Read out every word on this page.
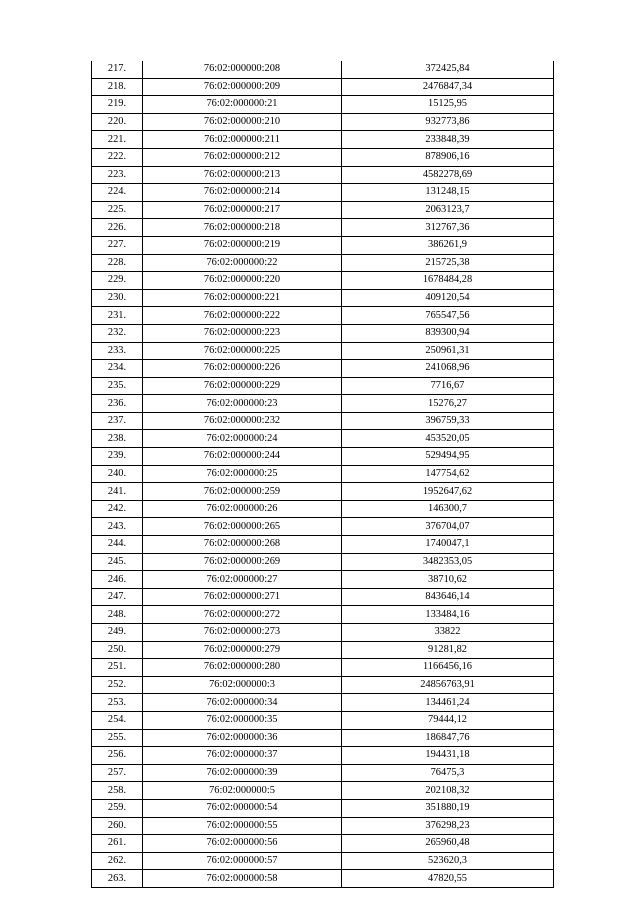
217.	76:02:000000:208	372425,84
218.	76:02:000000:209	2476847,34
219.	76:02:000000:21	15125,95
220.	76:02:000000:210	932773,86
221.	76:02:000000:211	233848,39
222.	76:02:000000:212	878906,16
223.	76:02:000000:213	4582278,69
224.	76:02:000000:214	131248,15
225.	76:02:000000:217	2063123,7
226.	76:02:000000:218	312767,36
227.	76:02:000000:219	386261,9
228.	76:02:000000:22	215725,38
229.	76:02:000000:220	1678484,28
230.	76:02:000000:221	409120,54
231.	76:02:000000:222	765547,56
232.	76:02:000000:223	839300,94
233.	76:02:000000:225	250961,31
234.	76:02:000000:226	241068,96
235.	76:02:000000:229	7716,67
236.	76:02:000000:23	15276,27
237.	76:02:000000:232	396759,33
238.	76:02:000000:24	453520,05
239.	76:02:000000:244	529494,95
240.	76:02:000000:25	147754,62
241.	76:02:000000:259	1952647,62
242.	76:02:000000:26	146300,7
243.	76:02:000000:265	376704,07
244.	76:02:000000:268	1740047,1
245.	76:02:000000:269	3482353,05
246.	76:02:000000:27	38710,62
247.	76:02:000000:271	843646,14
248.	76:02:000000:272	133484,16
249.	76:02:000000:273	33822
250.	76:02:000000:279	91281,82
251.	76:02:000000:280	1166456,16
252.	76:02:000000:3	24856763,91
253.	76:02:000000:34	134461,24
254.	76:02:000000:35	79444,12
255.	76:02:000000:36	186847,76
256.	76:02:000000:37	194431,18
257.	76:02:000000:39	76475,3
258.	76:02:000000:5	202108,32
259.	76:02:000000:54	351880,19
260.	76:02:000000:55	376298,23
261.	76:02:000000:56	265960,48
262.	76:02:000000:57	523620,3
263.	76:02:000000:58	47820,55
